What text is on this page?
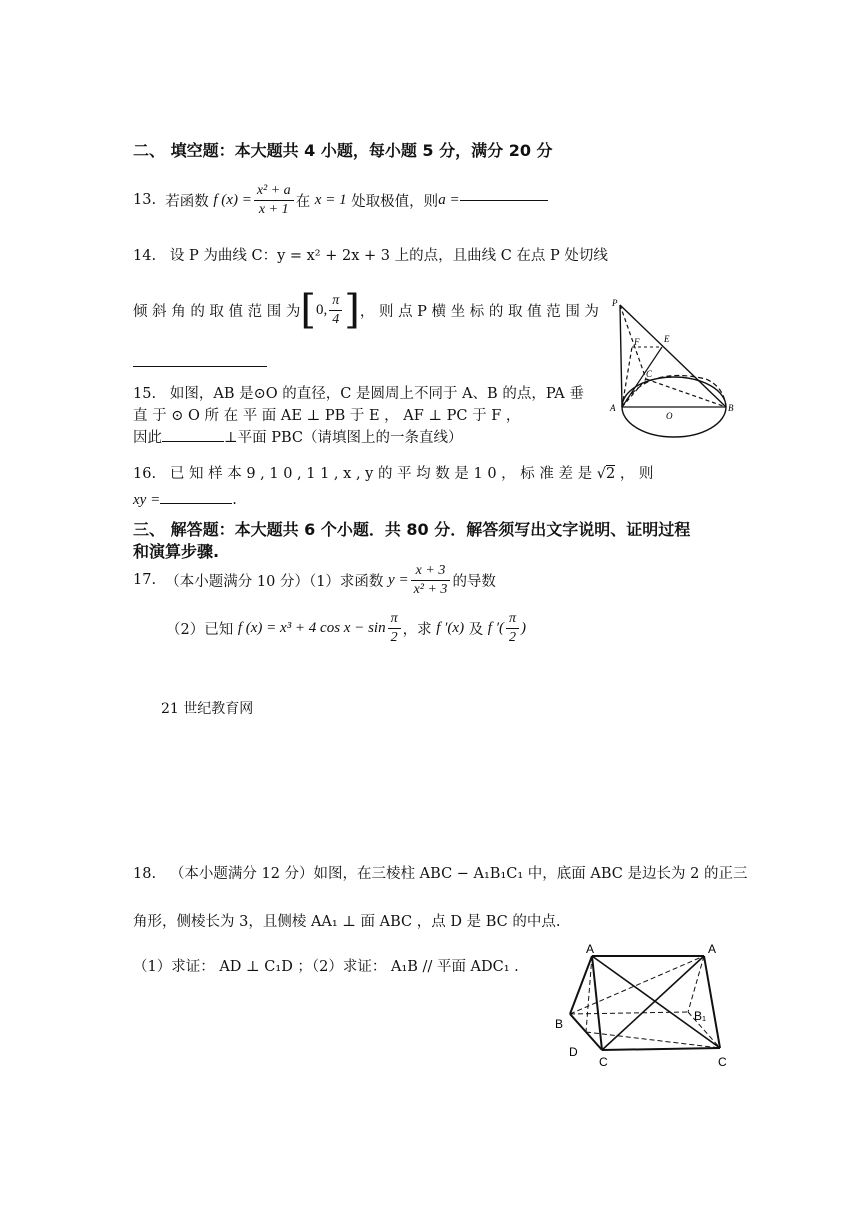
二、 填空题：本大题共 4 小题，每小题 5 分，满分 20 分
13.
若函数
f $(x) = \frac{\text{x² + a}}{x + 1}$ 在
x = 1
处取极值，则 a =
14. 设 P 为曲线 C：y = x² + 2x + 3 上的点，且曲线 C 在点 P 处切线
倾 斜 角 的 取 值 范 围 为 [ 0, $\frac{\pi}{4}$ ] ， 则 点 P 横 坐 标 的 取 值 范 围 为
15. 如图，AB 是⊙O 的直径，C 是圆周上不同于 A、B 的点，PA 垂
直 于 ⊙ O 所 在 平 面 AE ⊥ PB 于 E ， AF ⊥ PC 于 F ，
因此	⊥平面 PBC（请填图上的一条直线）
P
F	E
C
A
O
B
16. 已 知 样 本 9 , 1 0 , 1 1 , x , y 的 平 均 数 是 1 0 ， 标 准 差 是 √2 ， 则
xy =	.
三、 解答题：本大题共 6 个小题．共 80 分．解答须写出文字说明、证明过程
和演算步骤.
17.
（本小题满分 10 分）（1）求函数
$y = \frac{x + 3}{\text{x² + 3}}$ 的导数
（2）已知
f (x) = x³ + 4 $\cos x - \sin \frac{\pi}{2}$ ，求
f ′(x)
及
f ′( $\frac{\pi}{2}$ )
21 世纪教育网
18. （本小题满分 12 分）如图，在三棱柱 ABC − A₁B₁C₁ 中，底面 ABC 是边长为 2 的正三
角形，侧棱长为 3，且侧棱 AA₁ ⊥ 面 ABC ，点 D 是 BC 的中点.
（1）求证： AD ⊥ C₁D ；（2）求证： A₁B // 平面 ADC₁ .
A	A
B
B₁
D
C	C
